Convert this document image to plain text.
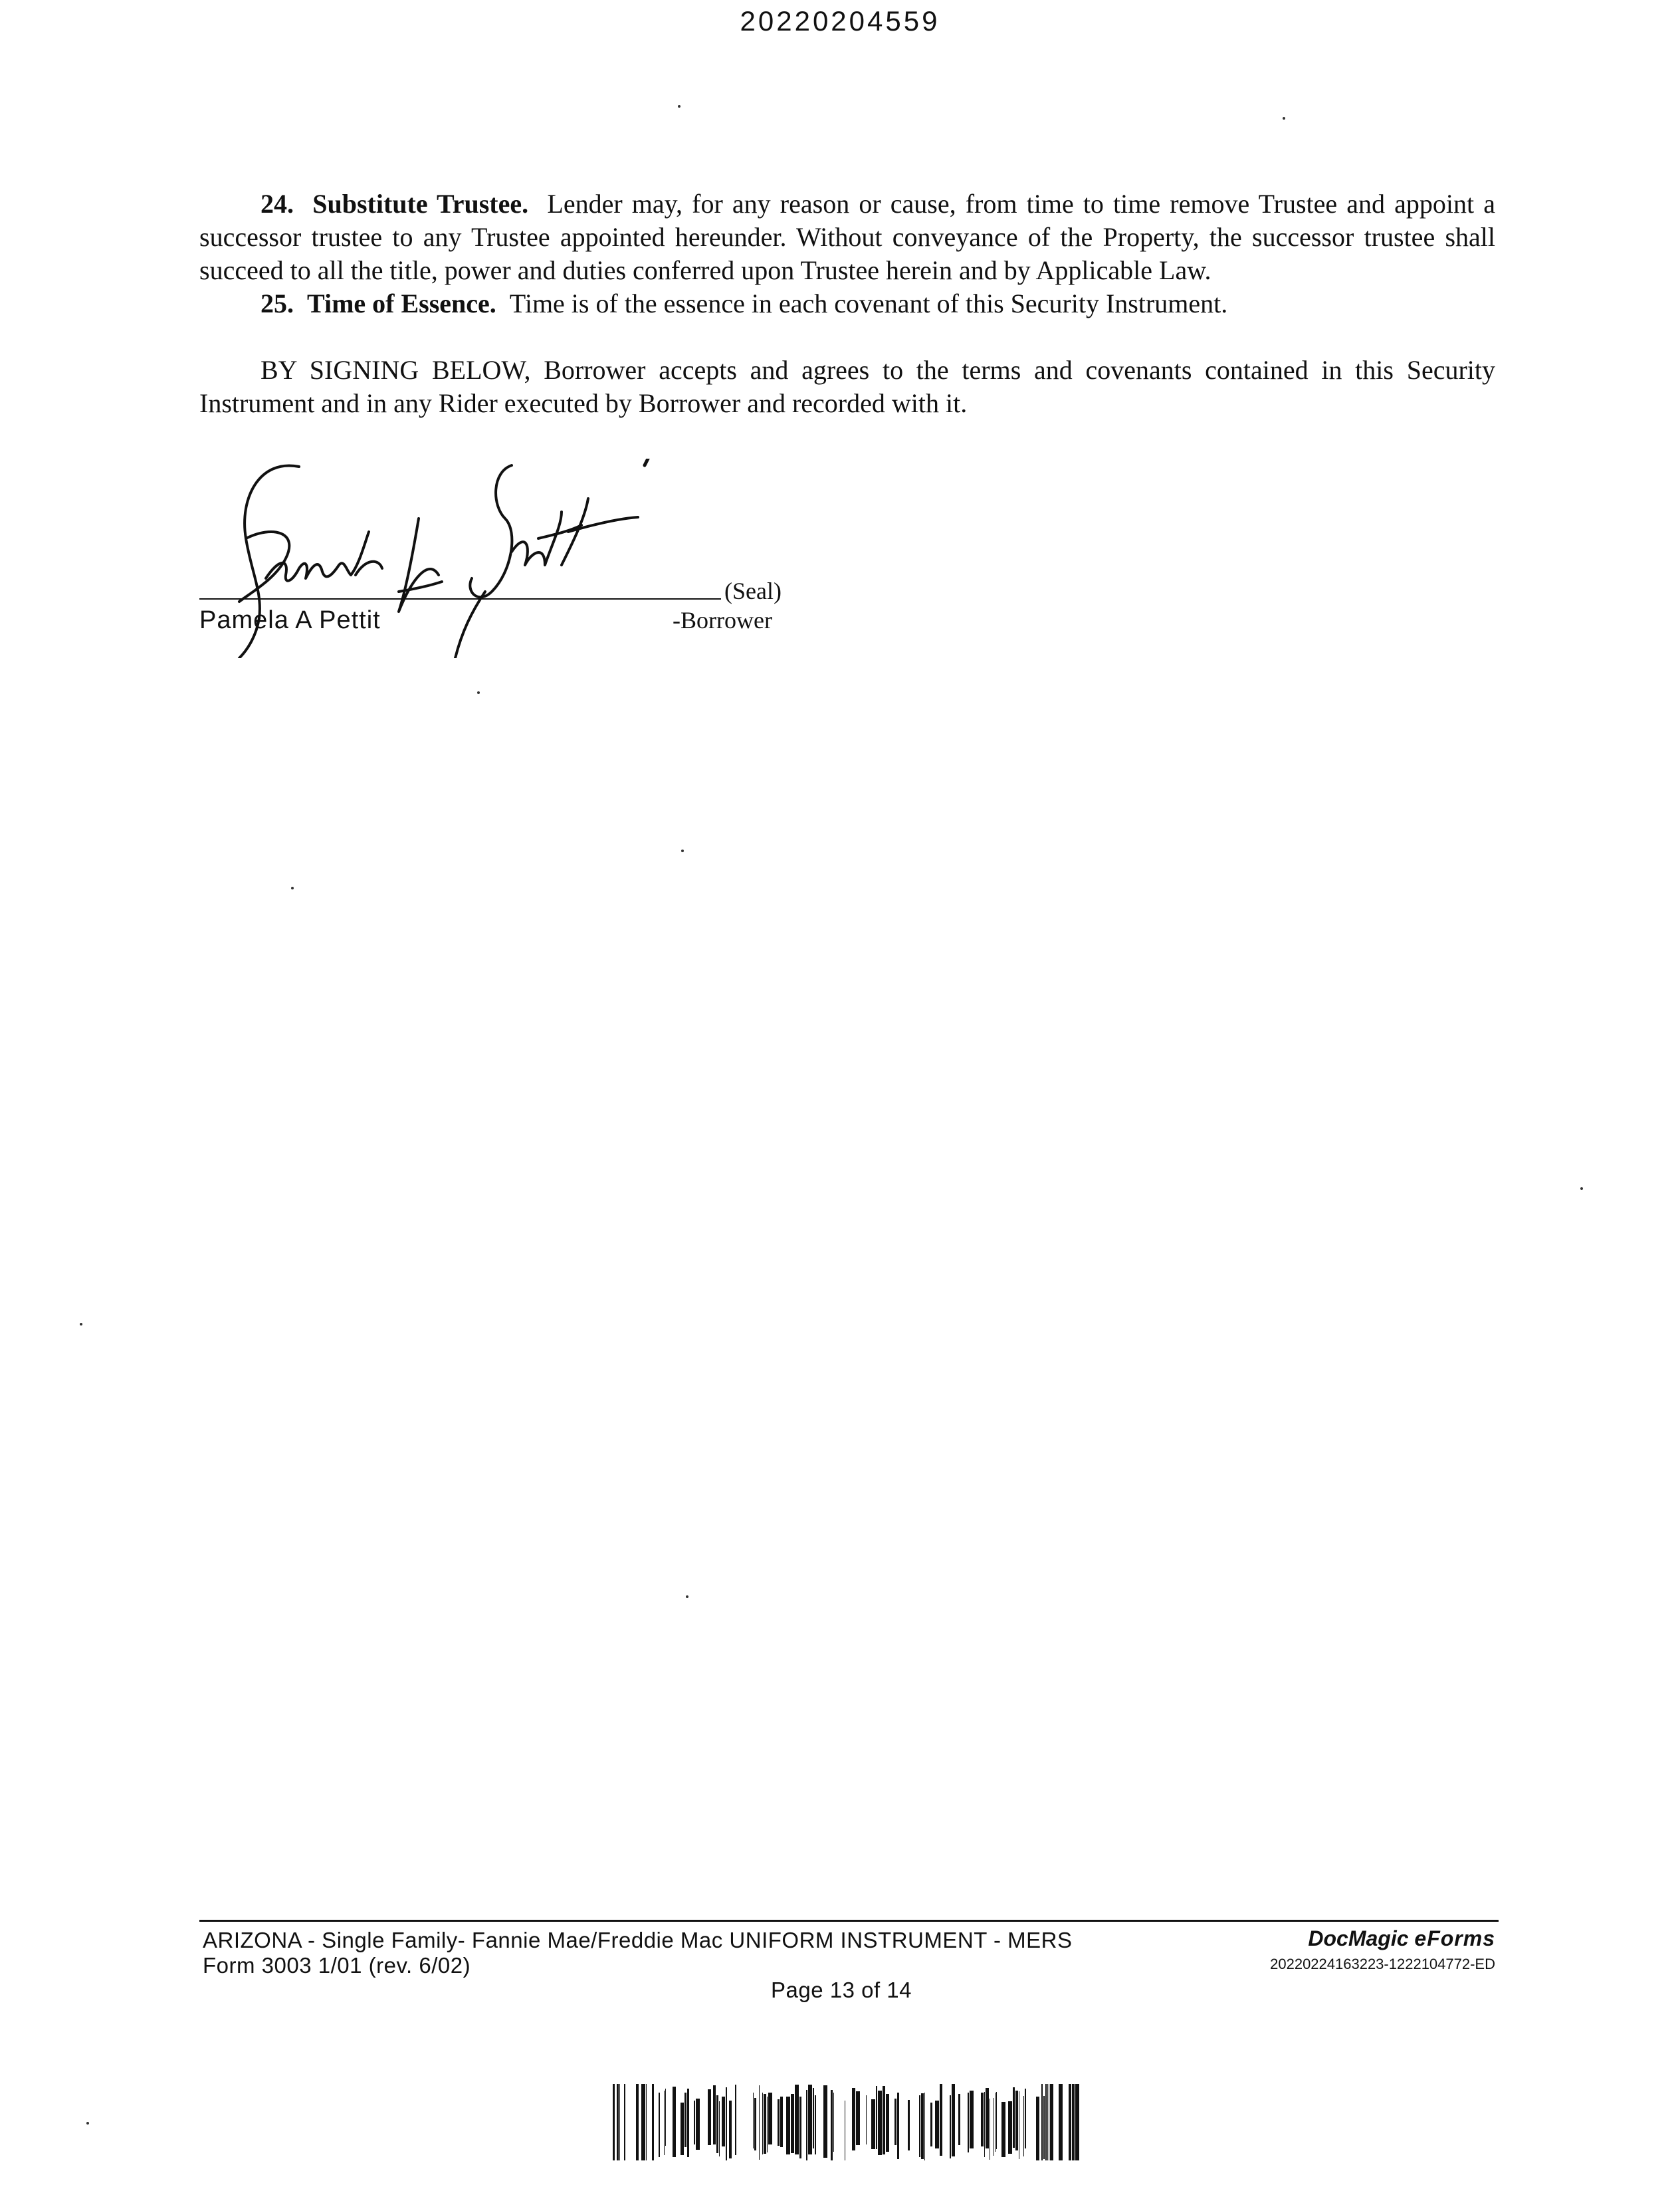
20220204559

24. Substitute Trustee. Lender may, for any reason or cause, from time to time remove Trustee and appoint a successor trustee to any Trustee appointed hereunder. Without conveyance of the Property, the successor trustee shall succeed to all the title, power and duties conferred upon Trustee herein and by Applicable Law.

25. Time of Essence. Time is of the essence in each covenant of this Security Instrument.

BY SIGNING BELOW, Borrower accepts and agrees to the terms and covenants contained in this Security Instrument and in any Rider executed by Borrower and recorded with it.

(Seal)
Pamela A Pettit	-Borrower
ARIZONA - Single Family- Fannie Mae/Freddie Mac UNIFORM INSTRUMENT - MERS
Form 3003 1/01 (rev. 6/02)
Page 13 of 14
DocMagic eForms
20220224163223-1222104772-ED
